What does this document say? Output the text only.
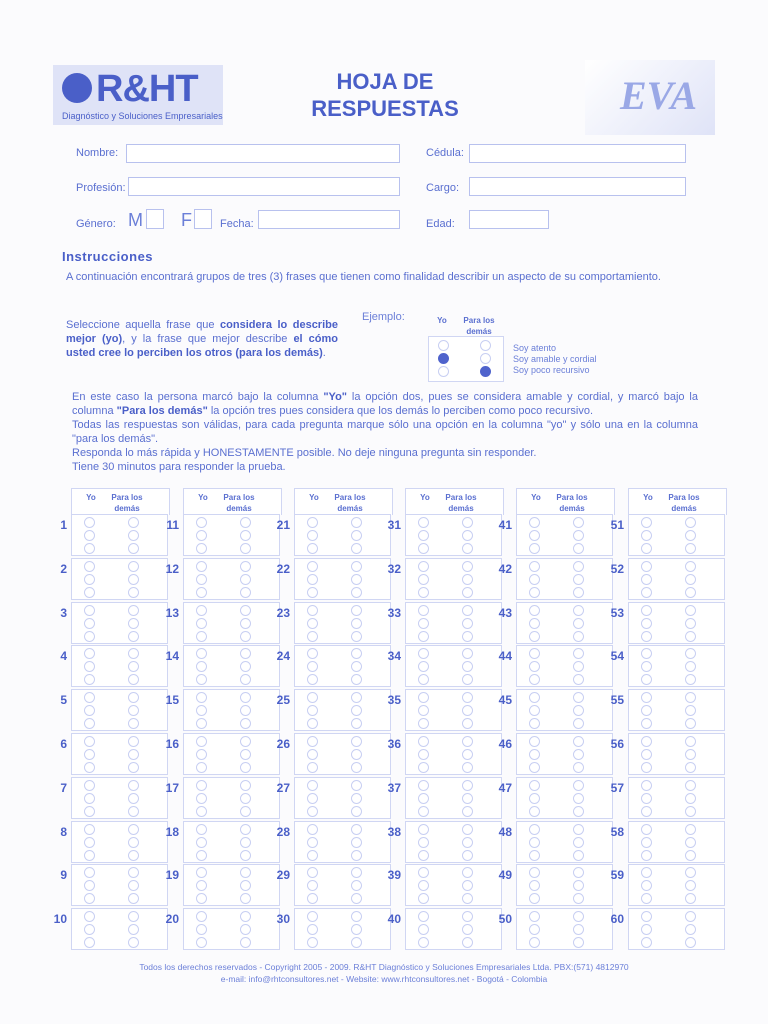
R&HT
Diagnóstico y Soluciones Empresariales
HOJA DE
RESPUESTAS	EVA
Nombre:	Cédula:
Profesión:	Cargo:
Género: M F	Fecha:	Edad:
Instrucciones
A continuación encontrará grupos de tres (3) frases que tienen como finalidad describir un aspecto de su comportamiento.
Seleccione aquella frase que considera lo describe mejor (yo), y la frase que mejor describe el cómo usted cree lo perciben los otros (para los demás).
Ejemplo:	Yo	Para los demás
Soy atento
Soy amable y cordial
Soy poco recursivo
En este caso la persona marcó bajo la columna "Yo" la opción dos, pues se considera amable y cordial, y marcó bajo la columna "Para los demás" la opción tres pues considera que los demás lo perciben como poco recursivo.
Todas las respuestas son válidas, para cada pregunta marque sólo una opción en la columna "yo" y sólo una en la columna "para los demás".
Responda lo más rápida y HONESTAMENTE posible. No deje ninguna pregunta sin responder.
Tiene 30 minutos para responder la prueba.
Yo	Para los demás
1
2
3
4
5
6
7
8
9
10
Yo	Para los demás
11
12
13
14
15
16
17
18
19
20
Yo	Para los demás
21
22
23
24
25
26
27
28
29
30
Yo	Para los demás
31
32
33
34
35
36
37
38
39
40
Yo	Para los demás
41
42
43
44
45
46
47
48
49
50
Yo	Para los demás
51
52
53
54
55
56
57
58
59
60
Todos los derechos reservados - Copyright 2005 - 2009. R&HT Diagnóstico y Soluciones Empresariales Ltda. PBX:(571) 4812970
e-mail: info@rhtconsultores.net - Website: www.rhtconsultores.net - Bogotá - Colombia
